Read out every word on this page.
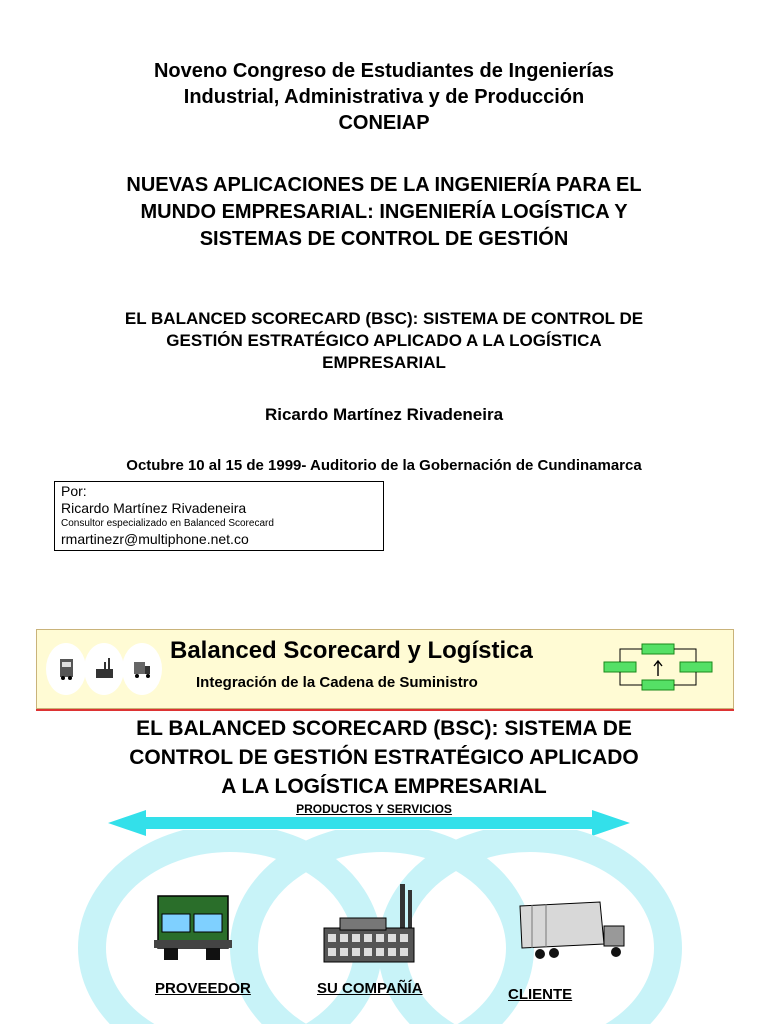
Noveno Congreso de Estudiantes de Ingenierías
Industrial, Administrativa y de Producción
CONEIAP
NUEVAS APLICACIONES DE LA INGENIERÍA PARA EL
MUNDO EMPRESARIAL: INGENIERÍA LOGÍSTICA Y
SISTEMAS DE CONTROL DE GESTIÓN
EL BALANCED SCORECARD (BSC): SISTEMA DE CONTROL DE
GESTIÓN ESTRATÉGICO APLICADO A LA LOGÍSTICA
EMPRESARIAL
Ricardo Martínez Rivadeneira
Octubre 10 al 15 de 1999- Auditorio de la Gobernación de Cundinamarca
Por:
Ricardo Martínez Rivadeneira
Consultor especializado en Balanced Scorecard
rmartinezr@multiphone.net.co
Balanced Scorecard y Logística
Integración de la Cadena de Suministro
EL BALANCED SCORECARD (BSC): SISTEMA DE
CONTROL DE GESTIÓN ESTRATÉGICO APLICADO
A LA LOGÍSTICA EMPRESARIAL
PRODUCTOS Y SERVICIOS
PROVEEDOR	SU COMPAÑÍA	CLIENTE
